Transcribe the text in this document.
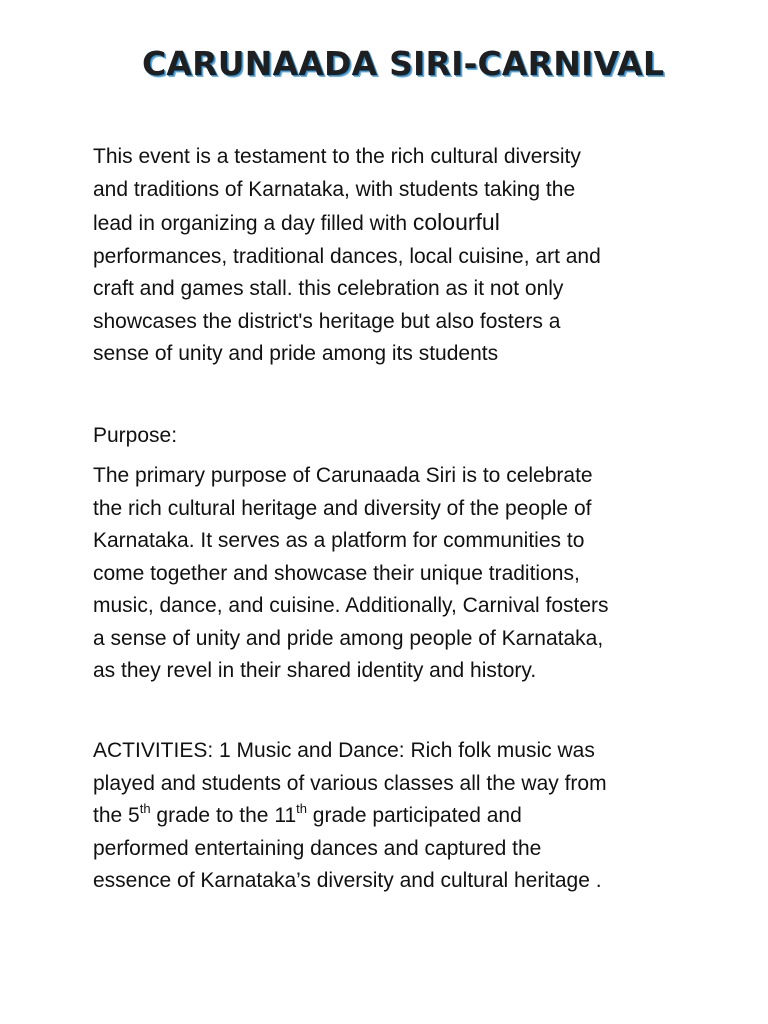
CARUNAADA SIRI-CARNIVAL
This event is a testament to the rich cultural diversity
and traditions of Karnataka, with students taking the
lead in organizing a day filled with colourful
performances, traditional dances, local cuisine, art and
craft and games stall. this celebration as it not only
showcases the district's heritage but also fosters a
sense of unity and pride among its students
Purpose:
The primary purpose of Carunaada Siri is to celebrate
the rich cultural heritage and diversity of the people of
Karnataka. It serves as a platform for communities to
come together and showcase their unique traditions,
music, dance, and cuisine. Additionally, Carnival fosters
a sense of unity and pride among people of Karnataka,
as they revel in their shared identity and history.
ACTIVITIES: 1 Music and Dance: Rich folk music was
played and students of various classes all the way from
the 5th grade to the 11th grade participated and
performed entertaining dances and captured the
essence of Karnataka’s diversity and cultural heritage .
